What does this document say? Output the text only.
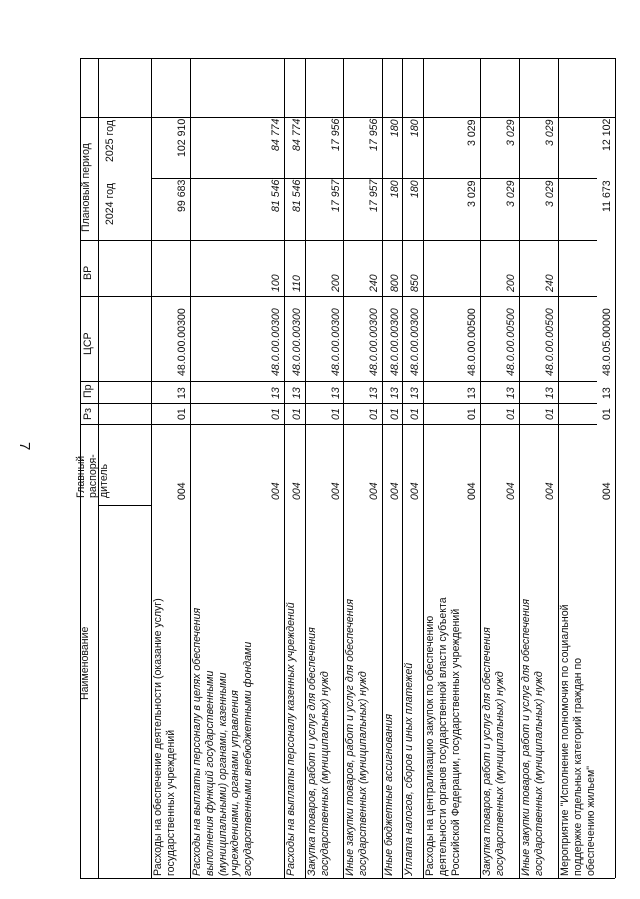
7
Наименование
Главный
распоря-
дитель
Рз
Пр
ЦСР
ВР
Плановый период 2024 год
2025 год
Расходы на обеспечение деятельности (оказание услуг)
государственных учреждений
004
01
13
48.0.00.00300
99 683
102 910
Расходы на выплаты персоналу в целях обеспечения
выполнения функций государственными
(муниципальными) органами, казенными
учреждениями, органами управления
государственными внебюджетными фондами
004
01
13
48.0.00.00300
100
81 546
84 774
Расходы на выплаты персоналу казенных учреждений
004
01
13
48.0.00.00300
110
81 546
84 774
Закупка товаров, работ и услуг для обеспечения
государственных (муниципальных) нужд
004
01
13
48.0.00.00300
200
17 957
17 956
Иные закупки товаров, работ и услуг для обеспечения
государственных (муниципальных) нужд
004
01
13
48.0.00.00300
240
17 957
17 956
Иные бюджетные ассигнования
004
01
13
48.0.00.00300
800
180
180
Уплата налогов, сборов и иных платежей
004
01
13
48.0.00.00300
850
180
180
Расходы на централизацию закупок по обеспечению
деятельности органов государственной власти субъекта
Российской Федерации, государственных учреждений
004
01
13
48.0.00.00500
3 029
3 029
Закупка товаров, работ и услуг для обеспечения
государственных (муниципальных) нужд
004
01
13
48.0.00.00500
200
3 029
3 029
Иные закупки товаров, работ и услуг для обеспечения
государственных (муниципальных) нужд
004
01
13
48.0.00.00500
240
3 029
3 029
Мероприятие "Исполнение полномочия по социальной
поддержке отдельных категорий граждан по
обеспечению жильем"
004
01
13
48.0.05.00000
11 673
12 102
